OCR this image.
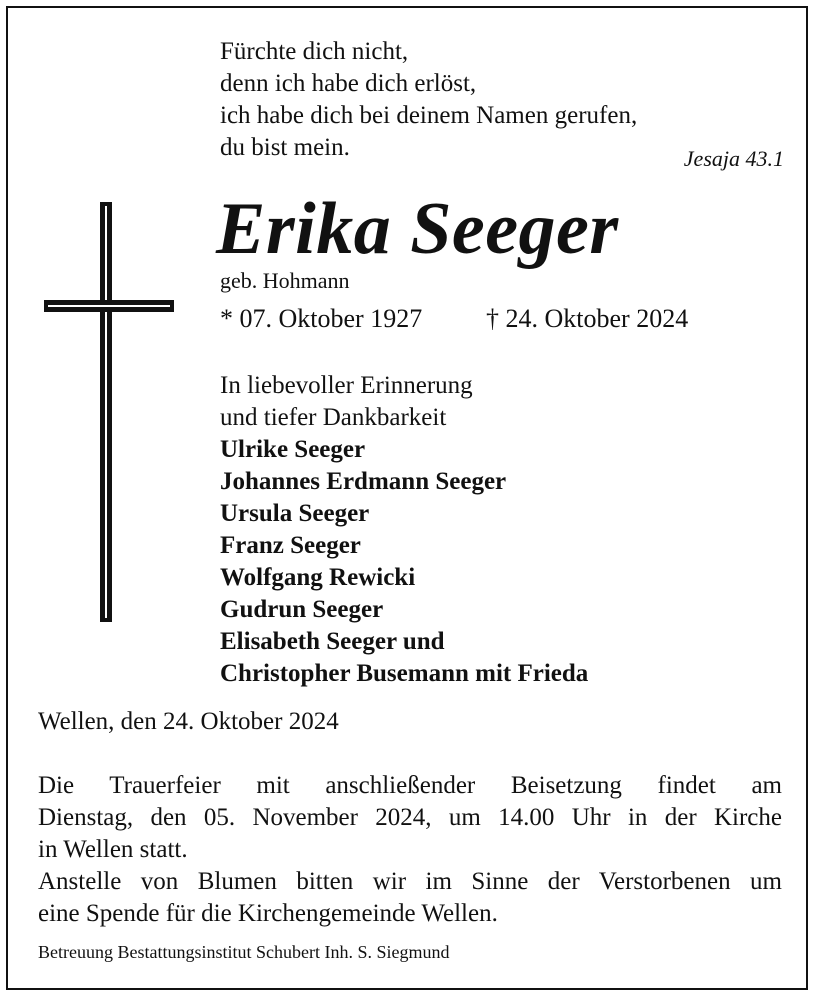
Fürchte dich nicht,
denn ich habe dich erlöst,
ich habe dich bei deinem Namen gerufen,
du bist mein.	Jesaja 43.1
Erika Seeger
geb. Hohmann
* 07. Oktober 1927 † 24. Oktober 2024
In liebevoller Erinnerung
und tiefer Dankbarkeit
Ulrike Seeger
Johannes Erdmann Seeger
Ursula Seeger
Franz Seeger
Wolfgang Rewicki
Gudrun Seeger
Elisabeth Seeger und
Christopher Busemann mit Frieda
Wellen, den 24. Oktober 2024
Die Trauerfeier mit anschließender Beisetzung findet am
Dienstag, den 05. November 2024, um 14.00 Uhr in der Kirche
in Wellen statt.
Anstelle von Blumen bitten wir im Sinne der Verstorbenen um
eine Spende für die Kirchengemeinde Wellen.
Betreuung Bestattungsinstitut Schubert Inh. S. Siegmund
